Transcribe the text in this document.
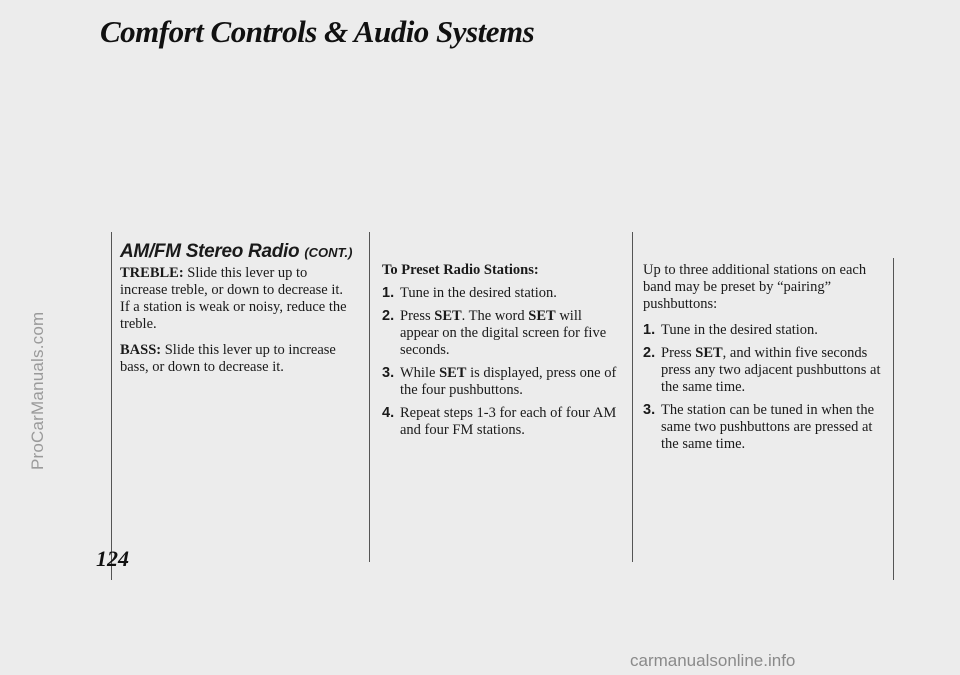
ProCarManuals.com
Comfort Controls & Audio Systems
AM/FM Stereo Radio (CONT.)

TREBLE: Slide this lever up to increase treble, or down to decrease it. If a station is weak or noisy, reduce the treble.

BASS: Slide this lever up to increase bass, or down to decrease it.

To Preset Radio Stations:
1. Tune in the desired station.
2. Press SET. The word SET will appear on the digital screen for five seconds.
3. While SET is displayed, press one of the four pushbuttons.
4. Repeat steps 1-3 for each of four AM and four FM stations.

Up to three additional stations on each band may be preset by “pairing” pushbuttons:

1. Tune in the desired station.
2. Press SET, and within five seconds press any two adjacent pushbuttons at the same time.
3. The station can be tuned in when the same two pushbuttons are pressed at the same time.
124
carmanualsonline.info
